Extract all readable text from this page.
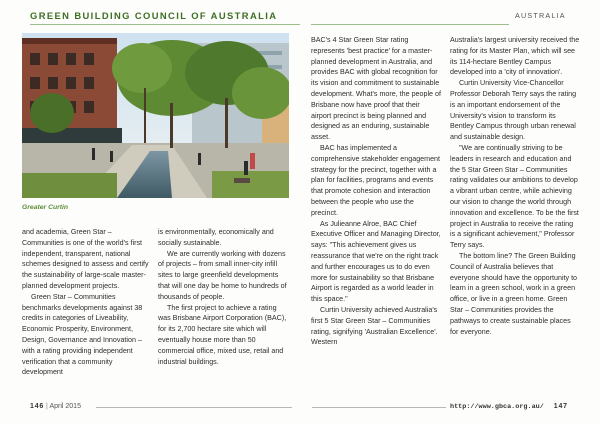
GREEN BUILDING COUNCIL OF AUSTRALIA	AUSTRALIA
Greater Curtin

and academia, Green Star – Communities is one of the world's first independent, transparent, national schemes designed to assess and certify the sustainability of large-scale master-planned development projects.

Green Star – Communities benchmarks developments against 38 credits in categories of Liveability, Economic Prosperity, Environment, Design, Governance and Innovation – with a rating providing independent verification that a community development

is environmentally, economically and socially sustainable.

We are currently working with dozens of projects – from small inner-city infill sites to large greenfield developments that will one day be home to hundreds of thousands of people.

The first project to achieve a rating was Brisbane Airport Corporation (BAC), for its 2,700 hectare site which will eventually house more than 50 commercial office, mixed use, retail and industrial buildings.

BAC's 4 Star Green Star rating represents 'best practice' for a master-planned development in Australia, and provides BAC with global recognition for its vision and commitment to sustainable development. What's more, the people of Brisbane now have proof that their airport precinct is being planned and designed as an enduring, sustainable asset.

BAC has implemented a comprehensive stakeholder engagement strategy for the precinct, together with a plan for facilities, programs and events that promote cohesion and interaction between the people who use the precinct.

As Julieanne Alroe, BAC Chief Executive Officer and Managing Director, says: "This achievement gives us reassurance that we're on the right track and further encourages us to do even more for sustainability so that Brisbane Airport is regarded as a world leader in this space."

Curtin University achieved Australia's first 5 Star Green Star – Communities rating, signifying 'Australian Excellence'. Western

Australia's largest university received the rating for its Master Plan, which will see its 114-hectare Bentley Campus developed into a 'city of innovation'.

Curtin University Vice-Chancellor Professor Deborah Terry says the rating is an important endorsement of the University's vision to transform its Bentley Campus through urban renewal and sustainable design.

"We are continually striving to be leaders in research and education and the 5 Star Green Star – Communities rating validates our ambitions to develop a vibrant urban centre, while achieving our vision to change the world through innovation and excellence. To be the first project in Australia to receive the rating is a significant achievement," Professor Terry says.

The bottom line? The Green Building Council of Australia believes that everyone should have the opportunity to learn in a green school, work in a green office, or live in a green home. Green Star – Communities provides the pathways to create sustainable places for everyone.

146 | April 2015	http://www.gbca.org.au/ 147
